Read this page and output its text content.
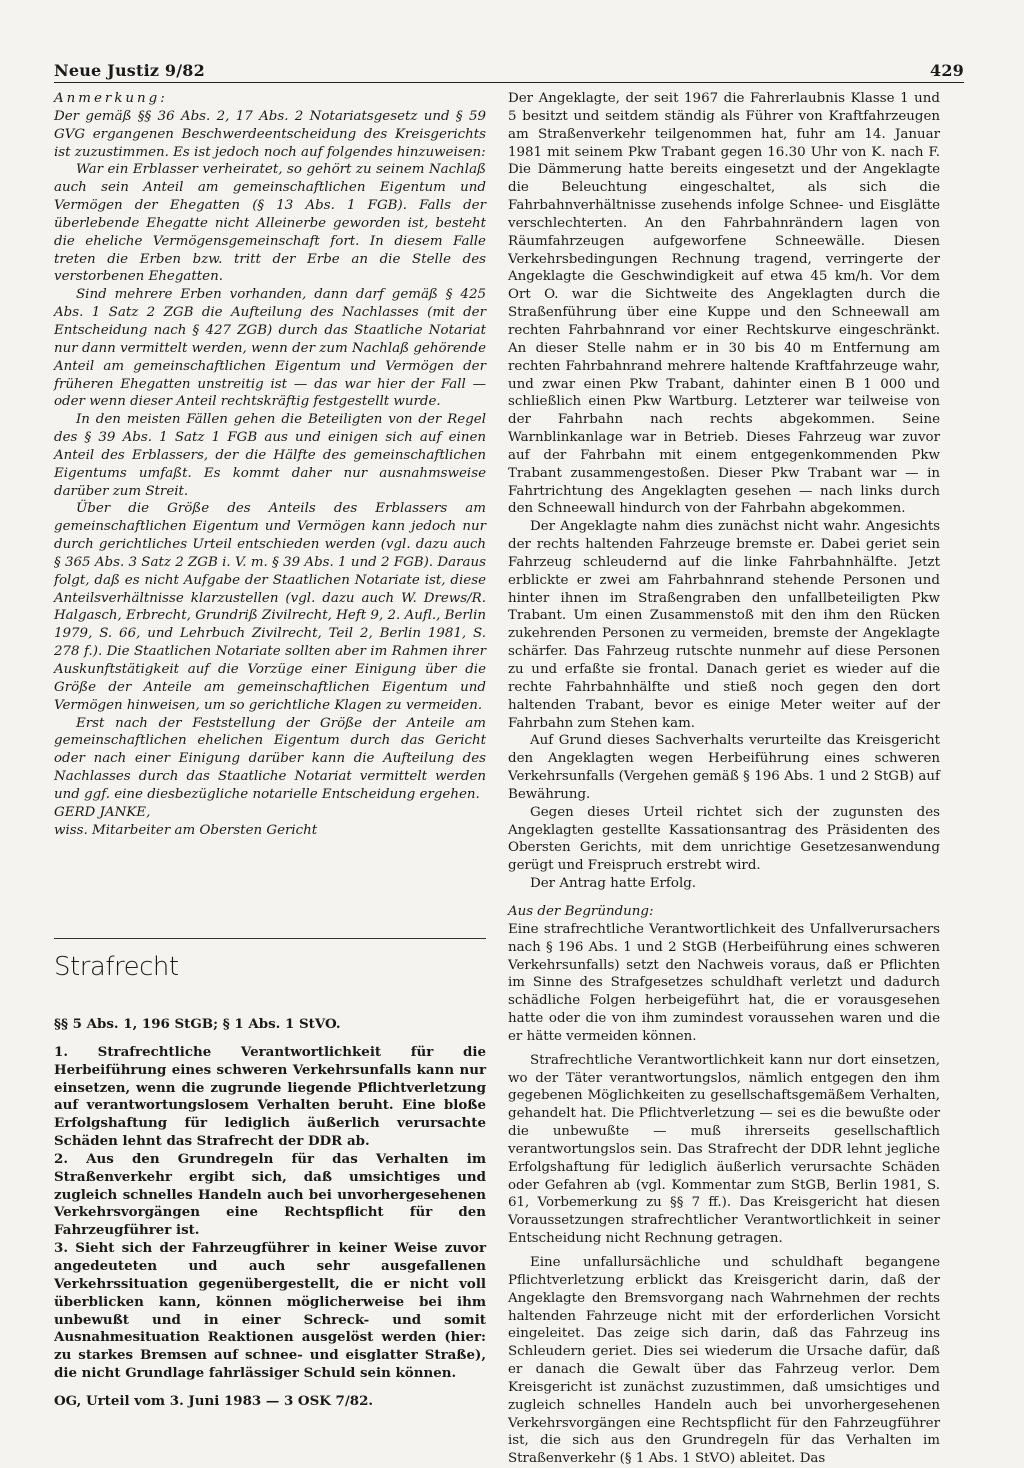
Neue Justiz 9/82	429

Anmerkung:

Der gemäß §§ 36 Abs. 2, 17 Abs. 2 Notariatsgesetz und § 59 GVG ergangenen Beschwerdeentscheidung des Kreisgerichts ist zuzustimmen. Es ist jedoch noch auf folgendes hinzuweisen:

War ein Erblasser verheiratet, so gehört zu seinem Nachlaß auch sein Anteil am gemeinschaftlichen Eigentum und Vermögen der Ehegatten (§ 13 Abs. 1 FGB). Falls der überlebende Ehegatte nicht Alleinerbe geworden ist, besteht die eheliche Vermögensgemeinschaft fort. In diesem Falle treten die Erben bzw. tritt der Erbe an die Stelle des verstorbenen Ehegatten.

Sind mehrere Erben vorhanden, dann darf gemäß § 425 Abs. 1 Satz 2 ZGB die Aufteilung des Nachlasses (mit der Entscheidung nach § 427 ZGB) durch das Staatliche Notariat nur dann vermittelt werden, wenn der zum Nachlaß gehörende Anteil am gemeinschaftlichen Eigentum und Vermögen der früheren Ehegatten unstreitig ist — das war hier der Fall — oder wenn dieser Anteil rechtskräftig festgestellt wurde.

In den meisten Fällen gehen die Beteiligten von der Regel des § 39 Abs. 1 Satz 1 FGB aus und einigen sich auf einen Anteil des Erblassers, der die Hälfte des gemeinschaftlichen Eigentums umfaßt. Es kommt daher nur ausnahmsweise darüber zum Streit.

Über die Größe des Anteils des Erblassers am gemeinschaftlichen Eigentum und Vermögen kann jedoch nur durch gerichtliches Urteil entschieden werden (vgl. dazu auch § 365 Abs. 3 Satz 2 ZGB i. V. m. § 39 Abs. 1 und 2 FGB). Daraus folgt, daß es nicht Aufgabe der Staatlichen Notariate ist, diese Anteilsverhältnisse klarzustellen (vgl. dazu auch W. Drews/R. Halgasch, Erbrecht, Grundriß Zivilrecht, Heft 9, 2. Aufl., Berlin 1979, S. 66, und Lehrbuch Zivilrecht, Teil 2, Berlin 1981, S. 278 f.). Die Staatlichen Notariate sollten aber im Rahmen ihrer Auskunftstätigkeit auf die Vorzüge einer Einigung über die Größe der Anteile am gemeinschaftlichen Eigentum und Vermögen hinweisen, um so gerichtliche Klagen zu vermeiden.

Erst nach der Feststellung der Größe der Anteile am gemeinschaftlichen ehelichen Eigentum durch das Gericht oder nach einer Einigung darüber kann die Aufteilung des Nachlasses durch das Staatliche Notariat vermittelt werden und ggf. eine diesbezügliche notarielle Entscheidung ergehen.

GERD JANKE,

wiss. Mitarbeiter am Obersten Gericht

Strafrecht

§§ 5 Abs. 1, 196 StGB; § 1 Abs. 1 StVO.

1. Strafrechtliche Verantwortlichkeit für die Herbeiführung eines schweren Verkehrsunfalls kann nur einsetzen, wenn die zugrunde liegende Pflichtverletzung auf verantwortungslosem Verhalten beruht. Eine bloße Erfolgshaftung für lediglich äußerlich verursachte Schäden lehnt das Strafrecht der DDR ab.

2. Aus den Grundregeln für das Verhalten im Straßenverkehr ergibt sich, daß umsichtiges und zugleich schnelles Handeln auch bei unvorhergesehenen Verkehrsvorgängen eine Rechtspflicht für den Fahrzeugführer ist.

3. Sieht sich der Fahrzeugführer in keiner Weise zuvor angedeuteten und auch sehr ausgefallenen Verkehrssituation gegenübergestellt, die er nicht voll überblicken kann, können möglicherweise bei ihm unbewußt und in einer Schreck- und somit Ausnahmesituation Reaktionen ausgelöst werden (hier: zu starkes Bremsen auf schnee- und eisglatter Straße), die nicht Grundlage fahrlässiger Schuld sein können.

OG, Urteil vom 3. Juni 1983 — 3 OSK 7/82.

Der Angeklagte, der seit 1967 die Fahrerlaubnis Klasse 1 und 5 besitzt und seitdem ständig als Führer von Kraftfahrzeugen am Straßenverkehr teilgenommen hat, fuhr am 14. Januar 1981 mit seinem Pkw Trabant gegen 16.30 Uhr von K. nach F. Die Dämmerung hatte bereits eingesetzt und der Angeklagte die Beleuchtung eingeschaltet, als sich die Fahrbahnverhältnisse zusehends infolge Schnee- und Eisglätte verschlechterten. An den Fahrbahnrändern lagen von Räumfahrzeugen aufgeworfene Schneewälle. Diesen Verkehrsbedingungen Rechnung tragend, verringerte der Angeklagte die Geschwindigkeit auf etwa 45 km/h. Vor dem Ort O. war die Sichtweite des Angeklagten durch die Straßenführung über eine Kuppe und den Schneewall am rechten Fahrbahnrand vor einer Rechtskurve eingeschränkt. An dieser Stelle nahm er in 30 bis 40 m Entfernung am rechten Fahrbahnrand mehrere haltende Kraftfahrzeuge wahr, und zwar einen Pkw Trabant, dahinter einen B 1 000 und schließlich einen Pkw Wartburg. Letzterer war teilweise von der Fahrbahn nach rechts abgekommen. Seine Warnblinkanlage war in Betrieb. Dieses Fahrzeug war zuvor auf der Fahrbahn mit einem entgegenkommenden Pkw Trabant zusammengestoßen. Dieser Pkw Trabant war — in Fahrtrichtung des Angeklagten gesehen — nach links durch den Schneewall hindurch von der Fahrbahn abgekommen.

Der Angeklagte nahm dies zunächst nicht wahr. Angesichts der rechts haltenden Fahrzeuge bremste er. Dabei geriet sein Fahrzeug schleudernd auf die linke Fahrbahnhälfte. Jetzt erblickte er zwei am Fahrbahnrand stehende Personen und hinter ihnen im Straßengraben den unfallbeteiligten Pkw Trabant. Um einen Zusammenstoß mit den ihm den Rücken zukehrenden Personen zu vermeiden, bremste der Angeklagte schärfer. Das Fahrzeug rutschte nunmehr auf diese Personen zu und erfaßte sie frontal. Danach geriet es wieder auf die rechte Fahrbahnhälfte und stieß noch gegen den dort haltenden Trabant, bevor es einige Meter weiter auf der Fahrbahn zum Stehen kam.

Auf Grund dieses Sachverhalts verurteilte das Kreisgericht den Angeklagten wegen Herbeiführung eines schweren Verkehrsunfalls (Vergehen gemäß § 196 Abs. 1 und 2 StGB) auf Bewährung.

Gegen dieses Urteil richtet sich der zugunsten des Angeklagten gestellte Kassationsantrag des Präsidenten des Obersten Gerichts, mit dem unrichtige Gesetzesanwendung gerügt und Freispruch erstrebt wird.

Der Antrag hatte Erfolg.

Aus der Begründung:

Eine strafrechtliche Verantwortlichkeit des Unfallverursachers nach § 196 Abs. 1 und 2 StGB (Herbeiführung eines schweren Verkehrsunfalls) setzt den Nachweis voraus, daß er Pflichten im Sinne des Strafgesetzes schuldhaft verletzt und dadurch schädliche Folgen herbeigeführt hat, die er vorausgesehen hatte oder die von ihm zumindest voraussehen waren und die er hätte vermeiden können.

Strafrechtliche Verantwortlichkeit kann nur dort einsetzen, wo der Täter verantwortungslos, nämlich entgegen den ihm gegebenen Möglichkeiten zu gesellschaftsgemäßem Verhalten, gehandelt hat. Die Pflichtverletzung — sei es die bewußte oder die unbewußte — muß ihrerseits gesellschaftlich verantwortungslos sein. Das Strafrecht der DDR lehnt jegliche Erfolgshaftung für lediglich äußerlich verursachte Schäden oder Gefahren ab (vgl. Kommentar zum StGB, Berlin 1981, S. 61, Vorbemerkung zu §§ 7 ff.). Das Kreisgericht hat diesen Voraussetzungen strafrechtlicher Verantwortlichkeit in seiner Entscheidung nicht Rechnung getragen.

Eine unfallursächliche und schuldhaft begangene Pflichtverletzung erblickt das Kreisgericht darin, daß der Angeklagte den Bremsvorgang nach Wahrnehmen der rechts haltenden Fahrzeuge nicht mit der erforderlichen Vorsicht eingeleitet. Das zeige sich darin, daß das Fahrzeug ins Schleudern geriet. Dies sei wiederum die Ursache dafür, daß er danach die Gewalt über das Fahrzeug verlor. Dem Kreisgericht ist zunächst zuzustimmen, daß umsichtiges und zugleich schnelles Handeln auch bei unvorhergesehenen Verkehrsvorgängen eine Rechtspflicht für den Fahrzeugführer ist, die sich aus den Grundregeln für das Verhalten im Straßenverkehr (§ 1 Abs. 1 StVO) ableitet. Das
